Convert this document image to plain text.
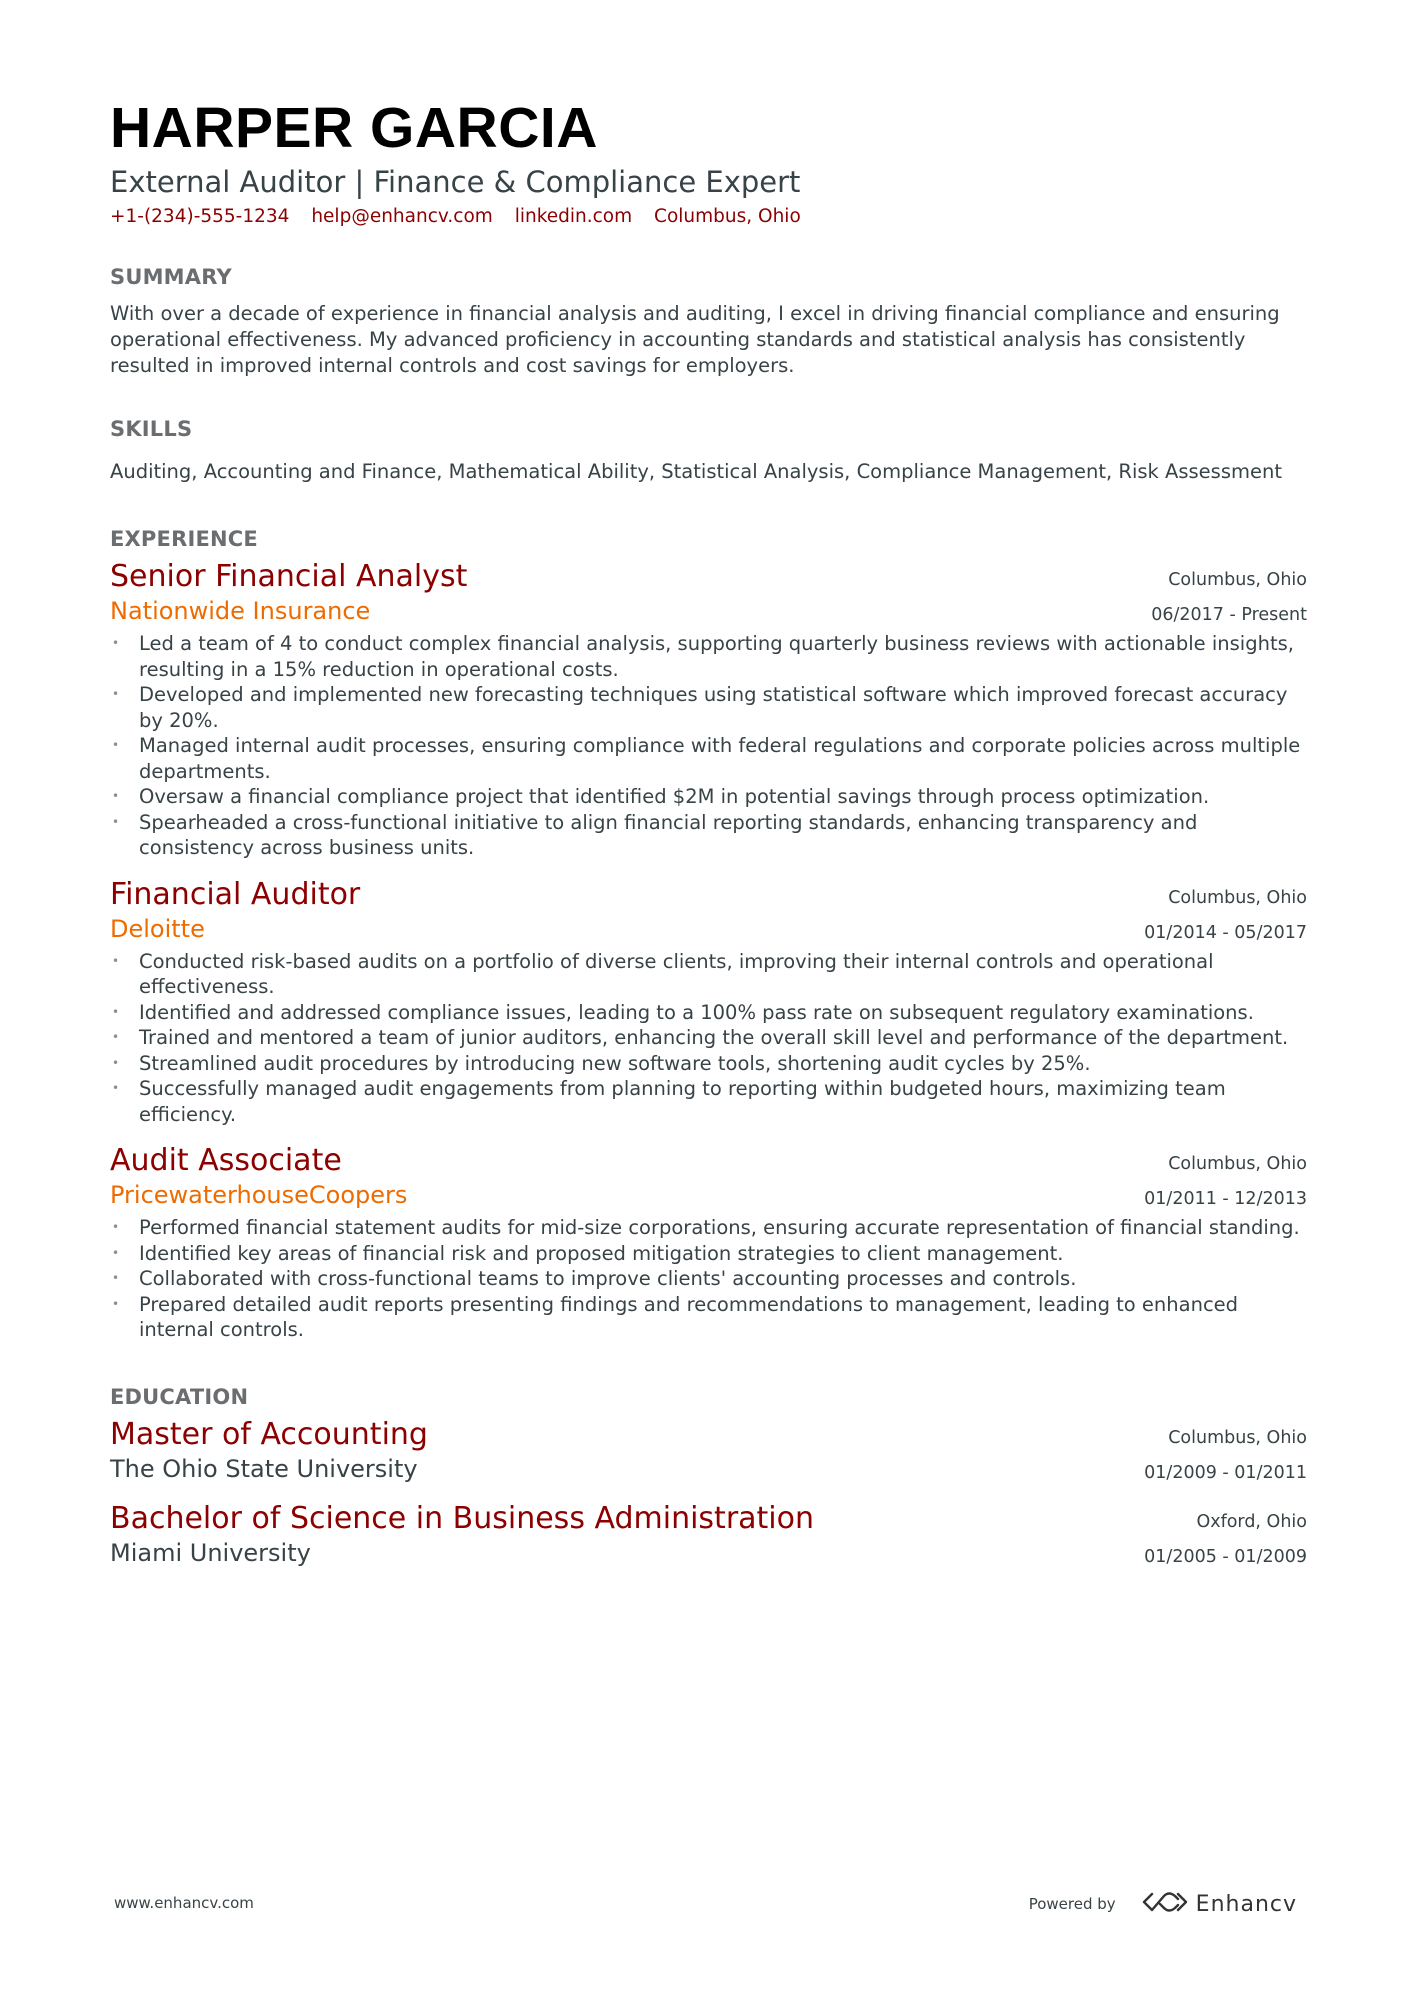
HARPER GARCIA
External Auditor | Finance & Compliance Expert
+1-(234)-555-1234 help@enhancv.com linkedin.com Columbus, Ohio
SUMMARY

With over a decade of experience in financial analysis and auditing, I excel in driving financial compliance and ensuring operational effectiveness. My advanced proficiency in accounting standards and statistical analysis has consistently resulted in improved internal controls and cost savings for employers.

SKILLS

Auditing, Accounting and Finance, Mathematical Ability, Statistical Analysis, Compliance Management, Risk Assessment

EXPERIENCE
Senior Financial Analyst
Nationwide Insurance
Columbus, Ohio
06/2017 - Present
• Led a team of 4 to conduct complex financial analysis, supporting quarterly business reviews with actionable insights, resulting in a 15% reduction in operational costs.
• Developed and implemented new forecasting techniques using statistical software which improved forecast accuracy by 20%.
• Managed internal audit processes, ensuring compliance with federal regulations and corporate policies across multiple departments.
• Oversaw a financial compliance project that identified $2M in potential savings through process optimization.
• Spearheaded a cross-functional initiative to align financial reporting standards, enhancing transparency and consistency across business units.
Financial Auditor
Deloitte
Columbus, Ohio
01/2014 - 05/2017
• Conducted risk-based audits on a portfolio of diverse clients, improving their internal controls and operational effectiveness.
• Identified and addressed compliance issues, leading to a 100% pass rate on subsequent regulatory examinations.
• Trained and mentored a team of junior auditors, enhancing the overall skill level and performance of the department.
• Streamlined audit procedures by introducing new software tools, shortening audit cycles by 25%.
• Successfully managed audit engagements from planning to reporting within budgeted hours, maximizing team efficiency.
Audit Associate
PricewaterhouseCoopers
Columbus, Ohio
01/2011 - 12/2013
• Performed financial statement audits for mid-size corporations, ensuring accurate representation of financial standing.
• Identified key areas of financial risk and proposed mitigation strategies to client management.
• Collaborated with cross-functional teams to improve clients' accounting processes and controls.
• Prepared detailed audit reports presenting findings and recommendations to management, leading to enhanced internal controls.
EDUCATION
Master of Accounting
The Ohio State University
Columbus, Ohio
01/2009 - 01/2011
Bachelor of Science in Business Administration
Miami University
Oxford, Ohio
01/2005 - 01/2009
www.enhancv.com	Powered by	Enhancv
